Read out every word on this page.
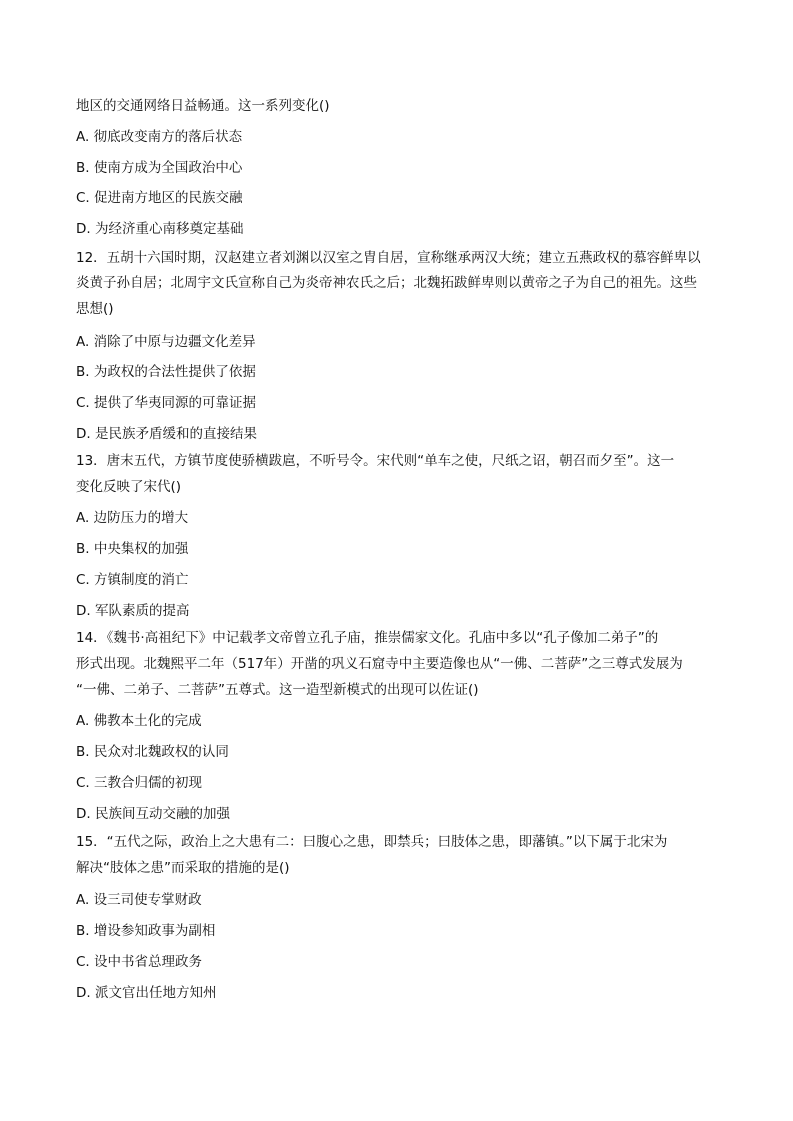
地区的交通网络日益畅通。这一系列变化()
A. 彻底改变南方的落后状态
B. 使南方成为全国政治中心
C. 促进南方地区的民族交融
D. 为经济重心南移奠定基础
12．五胡十六国时期，汉赵建立者刘渊以汉室之胄自居，宣称继承两汉大统；建立五燕政权的慕容鲜卑以
炎黄子孙自居；北周宇文氏宣称自己为炎帝神农氏之后；北魏拓跋鲜卑则以黄帝之子为自己的祖先。这些
思想()
A. 消除了中原与边疆文化差异
B. 为政权的合法性提供了依据
C. 提供了华夷同源的可靠证据
D. 是民族矛盾缓和的直接结果
13．唐末五代，方镇节度使骄横跋扈，不听号令。宋代则“单车之使，尺纸之诏，朝召而夕至”。这一
变化反映了宋代()
A. 边防压力的增大
B. 中央集权的加强
C. 方镇制度的消亡
D. 军队素质的提高
14．《魏书·高祖纪下》中记载孝文帝曾立孔子庙，推崇儒家文化。孔庙中多以“孔子像加二弟子”的
形式出现。北魏熙平二年（517年）开凿的巩义石窟寺中主要造像也从“一佛、二菩萨”之三尊式发展为
“一佛、二弟子、二菩萨”五尊式。这一造型新模式的出现可以佐证()
A. 佛教本土化的完成
B. 民众对北魏政权的认同
C. 三教合归儒的初现
D. 民族间互动交融的加强
15．“五代之际，政治上之大患有二：曰腹心之患，即禁兵；曰肢体之患，即藩镇。”以下属于北宋为
解决“肢体之患”而采取的措施的是()
A. 设三司使专掌财政
B. 增设参知政事为副相
C. 设中书省总理政务
D. 派文官出任地方知州
